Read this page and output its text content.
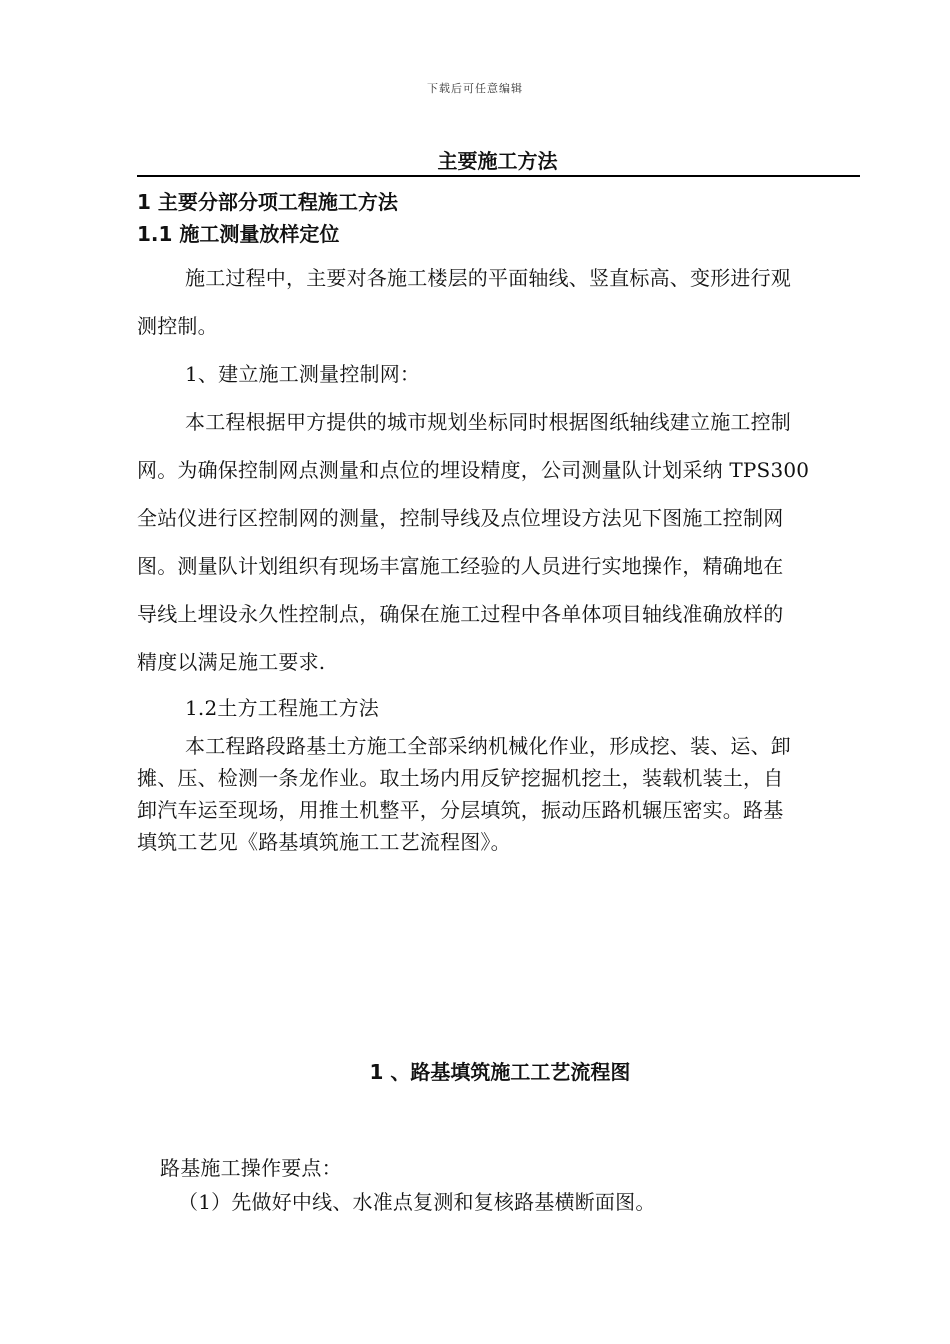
下载后可任意编辑
主要施工方法
1 主要分部分项工程施工方法
1.1 施工测量放样定位
施工过程中，主要对各施工楼层的平面轴线、竖直标高、变形进行观
测控制。
1、建立施工测量控制网：
本工程根据甲方提供的城市规划坐标同时根据图纸轴线建立施工控制
网。为确保控制网点测量和点位的埋设精度，公司测量队计划采纳 TPS300
全站仪进行区控制网的测量，控制导线及点位埋设方法见下图施工控制网
图。测量队计划组织有现场丰富施工经验的人员进行实地操作，精确地在
导线上埋设永久性控制点，确保在施工过程中各单体项目轴线准确放样的
精度以满足施工要求.
1.2土方工程施工方法
本工程路段路基土方施工全部采纳机械化作业，形成挖、装、运、卸
摊、压、检测一条龙作业。取土场内用反铲挖掘机挖土，装载机装土，自
卸汽车运至现场，用推土机整平，分层填筑，振动压路机辗压密实。路基
填筑工艺见《路基填筑施工工艺流程图》。
1 、路基填筑施工工艺流程图
路基施工操作要点：
（1）先做好中线、水准点复测和复核路基横断面图。
